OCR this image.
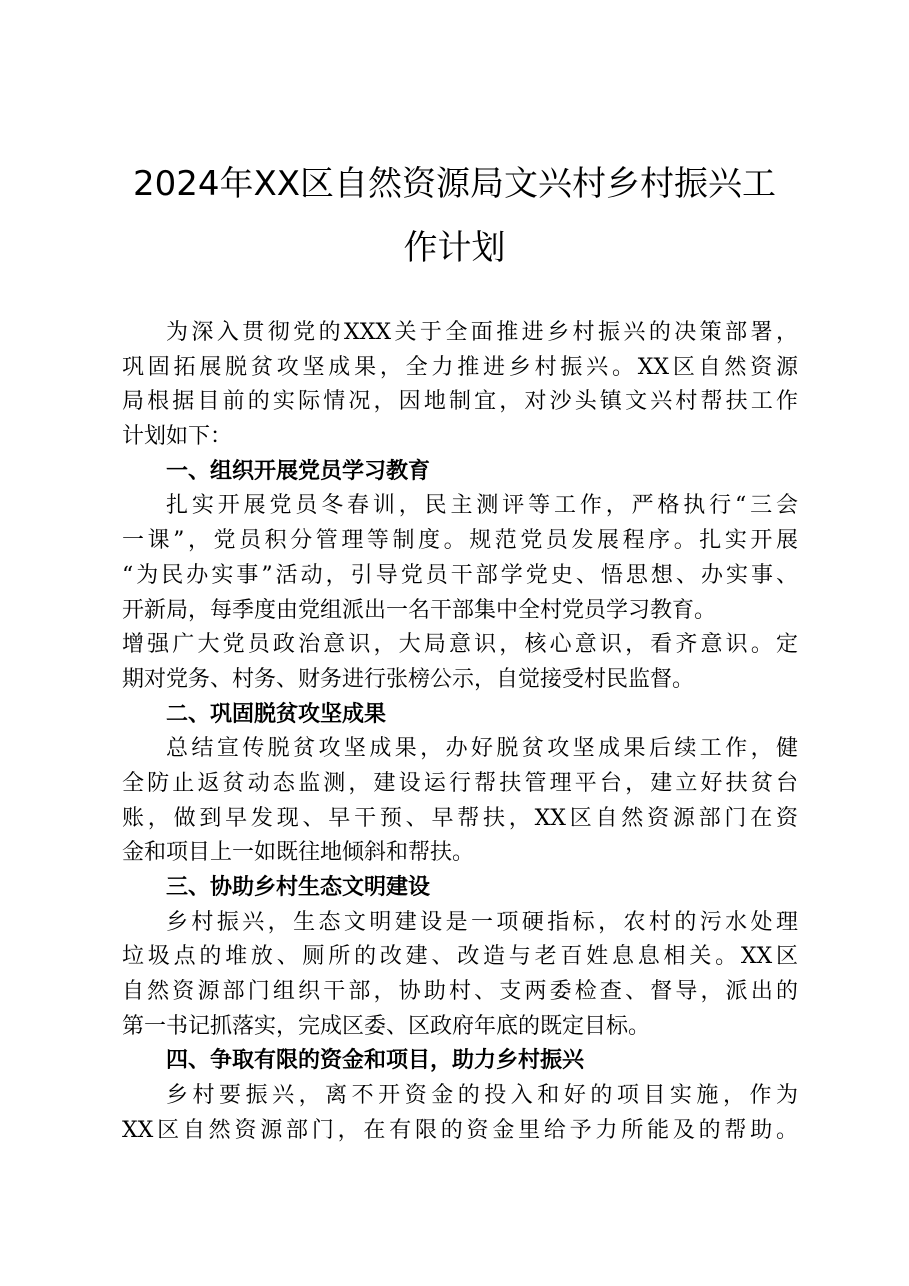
2024年XX区自然资源局文兴村乡村振兴工
作计划
为深入贯彻党的XXX关于全面推进乡村振兴的决策部署，
巩固拓展脱贫攻坚成果，全力推进乡村振兴。XX区自然资源
局根据目前的实际情况，因地制宜，对沙头镇文兴村帮扶工作
计划如下：
一、组织开展党员学习教育
扎实开展党员冬春训，民主测评等工作，严格执行“三会
一课”，党员积分管理等制度。规范党员发展程序。扎实开展
“为民办实事”活动，引导党员干部学党史、悟思想、办实事、
开新局，每季度由党组派出一名干部集中全村党员学习教育。
增强广大党员政治意识，大局意识，核心意识，看齐意识。定
期对党务、村务、财务进行张榜公示，自觉接受村民监督。
二、巩固脱贫攻坚成果
总结宣传脱贫攻坚成果，办好脱贫攻坚成果后续工作，健
全防止返贫动态监测，建设运行帮扶管理平台，建立好扶贫台
账，做到早发现、早干预、早帮扶，XX区自然资源部门在资
金和项目上一如既往地倾斜和帮扶。
三、协助乡村生态文明建设
乡村振兴，生态文明建设是一项硬指标，农村的污水处理
垃圾点的堆放、厕所的改建、改造与老百姓息息相关。XX区
自然资源部门组织干部，协助村、支两委检查、督导，派出的
第一书记抓落实，完成区委、区政府年底的既定目标。
四、争取有限的资金和项目，助力乡村振兴
乡村要振兴，离不开资金的投入和好的项目实施，作为
XX区自然资源部门，在有限的资金里给予力所能及的帮助。
